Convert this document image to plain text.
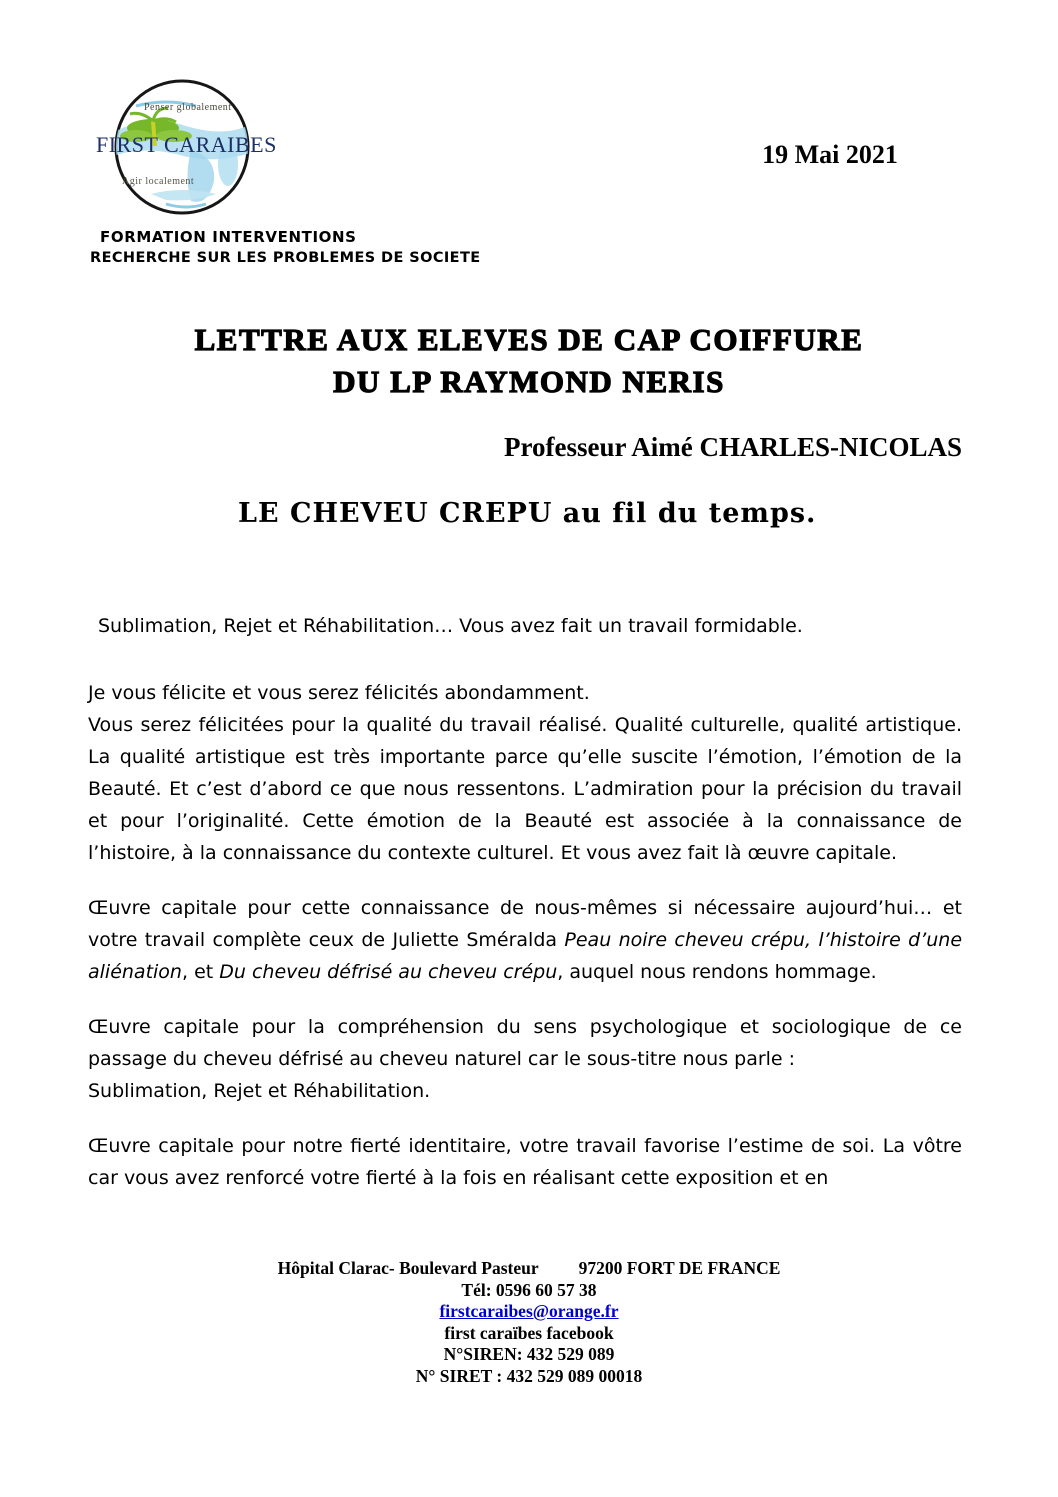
Penser globalement
FIRST CARAIBES
Agir localement
FORMATION INTERVENTIONS
RECHERCHE SUR LES PROBLEMES DE SOCIETE
19 Mai 2021
LETTRE AUX ELEVES DE CAP COIFFURE
DU LP RAYMOND NERIS
Professeur Aimé CHARLES-NICOLAS
LE CHEVEU CREPU au fil du temps.

Sublimation, Rejet et Réhabilitation… Vous avez fait un travail formidable.

Je vous félicite et vous serez félicités abondamment.

Vous serez félicitées pour la qualité du travail réalisé. Qualité culturelle, qualité artistique. La qualité artistique est très importante parce qu’elle suscite l’émotion, l’émotion de la Beauté. Et c’est d’abord ce que nous ressentons. L’admiration pour la précision du travail et pour l’originalité. Cette émotion de la Beauté est associée à la connaissance de l’histoire, à la connaissance du contexte culturel. Et vous avez fait là œuvre capitale.

Œuvre capitale pour cette connaissance de nous-mêmes si nécessaire aujourd’hui… et votre travail complète ceux de Juliette Sméralda Peau noire cheveu crépu, l’histoire d’une aliénation, et Du cheveu défrisé au cheveu crépu, auquel nous rendons hommage.

Œuvre capitale pour la compréhension du sens psychologique et sociologique de ce passage du cheveu défrisé au cheveu naturel car le sous-titre nous parle :

Sublimation, Rejet et Réhabilitation.

Œuvre capitale pour notre fierté identitaire, votre travail favorise l’estime de soi. La vôtre car vous avez renforcé votre fierté à la fois en réalisant cette exposition et en

Hôpital Clarac- Boulevard Pasteur 97200 FORT DE FRANCE
Tél: 0596 60 57 38
firstcaraibes@orange.fr
first caraïbes facebook
N°SIREN: 432 529 089
N° SIRET : 432 529 089 00018
